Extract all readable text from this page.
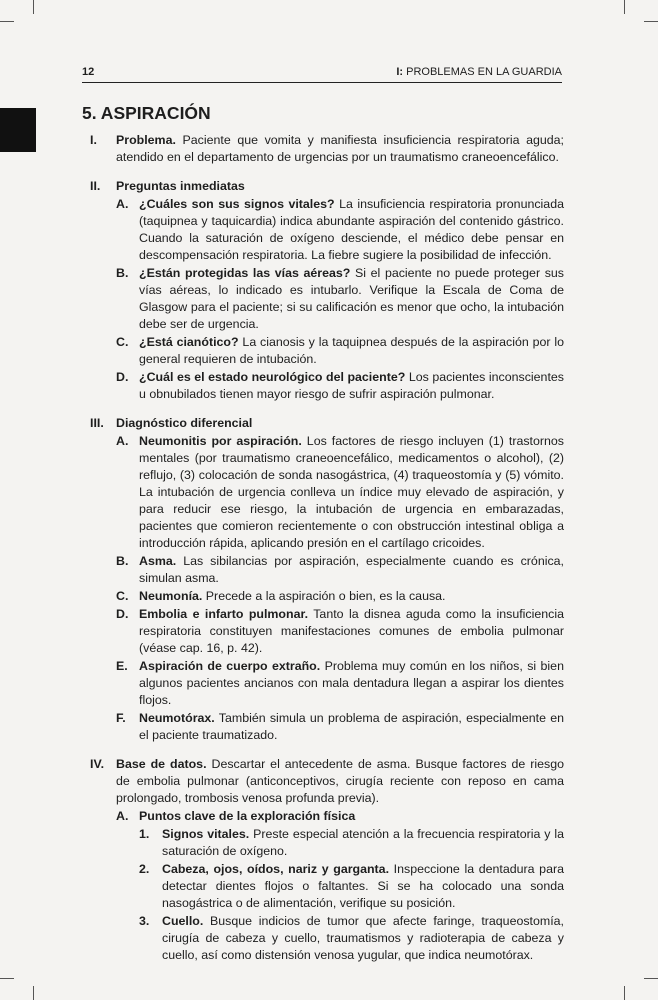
12	I: PROBLEMAS EN LA GUARDIA
5. ASPIRACIÓN
I. Problema. Paciente que vomita y manifiesta insuficiencia respiratoria aguda; atendido en el departamento de urgencias por un traumatismo craneoencefálico.
II. Preguntas inmediatas
A. ¿Cuáles son sus signos vitales? La insuficiencia respiratoria pronunciada (taquipnea y taquicardia) indica abundante aspiración del contenido gástrico. Cuando la saturación de oxígeno desciende, el médico debe pensar en descompensación respiratoria. La fiebre sugiere la posibilidad de infección.
B. ¿Están protegidas las vías aéreas? Si el paciente no puede proteger sus vías aéreas, lo indicado es intubarlo. Verifique la Escala de Coma de Glasgow para el paciente; si su calificación es menor que ocho, la intubación debe ser de urgencia.
C. ¿Está cianótico? La cianosis y la taquipnea después de la aspiración por lo general requieren de intubación.
D. ¿Cuál es el estado neurológico del paciente? Los pacientes inconscientes u obnubilados tienen mayor riesgo de sufrir aspiración pulmonar.
III. Diagnóstico diferencial
A. Neumonitis por aspiración. Los factores de riesgo incluyen (1) trastornos mentales (por traumatismo craneoencefálico, medicamentos o alcohol), (2) reflujo, (3) colocación de sonda nasogástrica, (4) traqueostomía y (5) vómito. La intubación de urgencia conlleva un índice muy elevado de aspiración, y para reducir ese riesgo, la intubación de urgencia en embarazadas, pacientes que comieron recientemente o con obstrucción intestinal obliga a introducción rápida, aplicando presión en el cartílago cricoides.
B. Asma. Las sibilancias por aspiración, especialmente cuando es crónica, simulan asma.
C. Neumonía. Precede a la aspiración o bien, es la causa.
D. Embolia e infarto pulmonar. Tanto la disnea aguda como la insuficiencia respiratoria constituyen manifestaciones comunes de embolia pulmonar (véase cap. 16, p. 42).
E. Aspiración de cuerpo extraño. Problema muy común en los niños, si bien algunos pacientes ancianos con mala dentadura llegan a aspirar los dientes flojos.
F. Neumotórax. También simula un problema de aspiración, especialmente en el paciente traumatizado.
IV. Base de datos. Descartar el antecedente de asma. Busque factores de riesgo de embolia pulmonar (anticonceptivos, cirugía reciente con reposo en cama prolongado, trombosis venosa profunda previa).
A. Puntos clave de la exploración física
1. Signos vitales. Preste especial atención a la frecuencia respiratoria y la saturación de oxígeno.
2. Cabeza, ojos, oídos, nariz y garganta. Inspeccione la dentadura para detectar dientes flojos o faltantes. Si se ha colocado una sonda nasogástrica o de alimentación, verifique su posición.
3. Cuello. Busque indicios de tumor que afecte faringe, traqueostomía, cirugía de cabeza y cuello, traumatismos y radioterapia de cabeza y cuello, así como distensión venosa yugular, que indica neumotórax.
